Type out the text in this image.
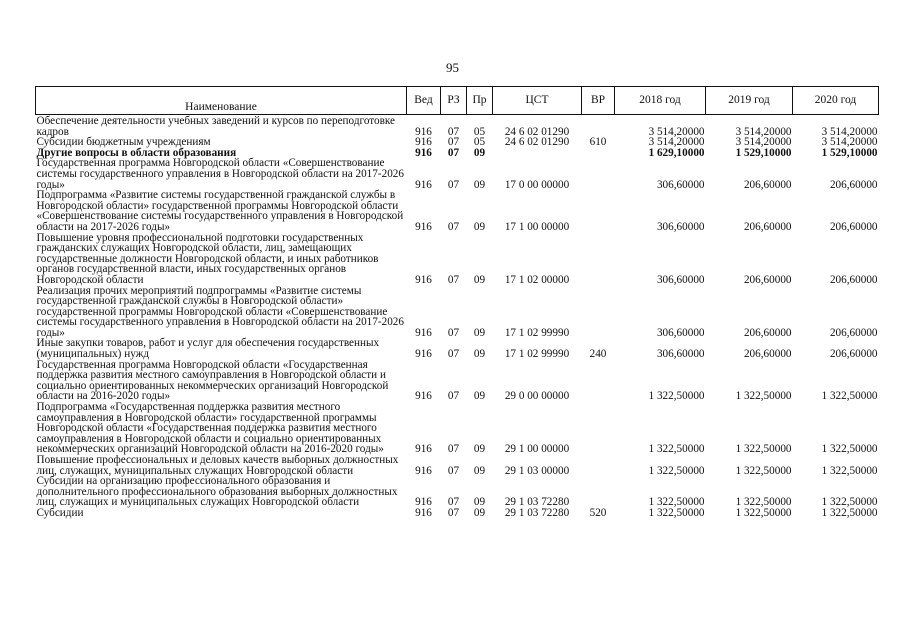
95
Наименование	Вед	РЗ	Пр	ЦСТ	ВР	2018 год	2019 год	2020 год
Обеспечение деятельности учебных заведений и курсов по переподготовке кадров	916	07	05	24 6 02 01290		3 514,20000	3 514,20000	3 514,20000
Субсидии бюджетным учреждениям	916	07	05	24 6 02 01290	610	3 514,20000	3 514,20000	3 514,20000
Другие вопросы в области образования	916	07	09			1 629,10000	1 529,10000	1 529,10000
Государственная программа Новгородской области «Совершенствование системы государственного управления в Новгородской области на 2017-2026 годы»	916	07	09	17 0 00 00000		306,60000	206,60000	206,60000
Подпрограмма «Развитие системы государственной гражданской службы в Новгородской области» государственной программы Новгородской области «Совершенствование системы государственного управления в Новгородской области на 2017-2026 годы»	916	07	09	17 1 00 00000		306,60000	206,60000	206,60000
Повышение уровня профессиональной подготовки государственных гражданских служащих Новгородской области, лиц, замещающих государственные должности Новгородской области, и иных работников органов государственной власти, иных государственных органов Новгородской области	916	07	09	17 1 02 00000		306,60000	206,60000	206,60000
Реализация прочих мероприятий подпрограммы «Развитие системы государственной гражданской службы в Новгородской области» государственной программы Новгородской области «Совершенствование системы государственного управления в Новгородской области на 2017-2026 годы»	916	07	09	17 1 02 99990		306,60000	206,60000	206,60000
Иные закупки товаров, работ и услуг для обеспечения государственных (муниципальных) нужд	916	07	09	17 1 02 99990	240	306,60000	206,60000	206,60000
Государственная программа Новгородской области «Государственная поддержка развития местного самоуправления в Новгородской области и социально ориентированных некоммерческих организаций Новгородской области на 2016-2020 годы»	916	07	09	29 0 00 00000		1 322,50000	1 322,50000	1 322,50000
Подпрограмма «Государственная поддержка развития местного самоуправления в Новгородской области» государственной программы Новгородской области «Государственная поддержка развития местного самоуправления в Новгородской области и социально ориентированных некоммерческих организаций Новгородской области на 2016-2020 годы»	916	07	09	29 1 00 00000		1 322,50000	1 322,50000	1 322,50000
Повышение профессиональных и деловых качеств выборных должностных лиц, служащих, муниципальных служащих Новгородской области	916	07	09	29 1 03 00000		1 322,50000	1 322,50000	1 322,50000
Субсидии на организацию профессионального образования и дополнительного профессионального образования выборных должностных лиц, служащих и муниципальных служащих Новгородской области	916	07	09	29 1 03 72280		1 322,50000	1 322,50000	1 322,50000
Субсидии	916	07	09	29 1 03 72280	520	1 322,50000	1 322,50000	1 322,50000
